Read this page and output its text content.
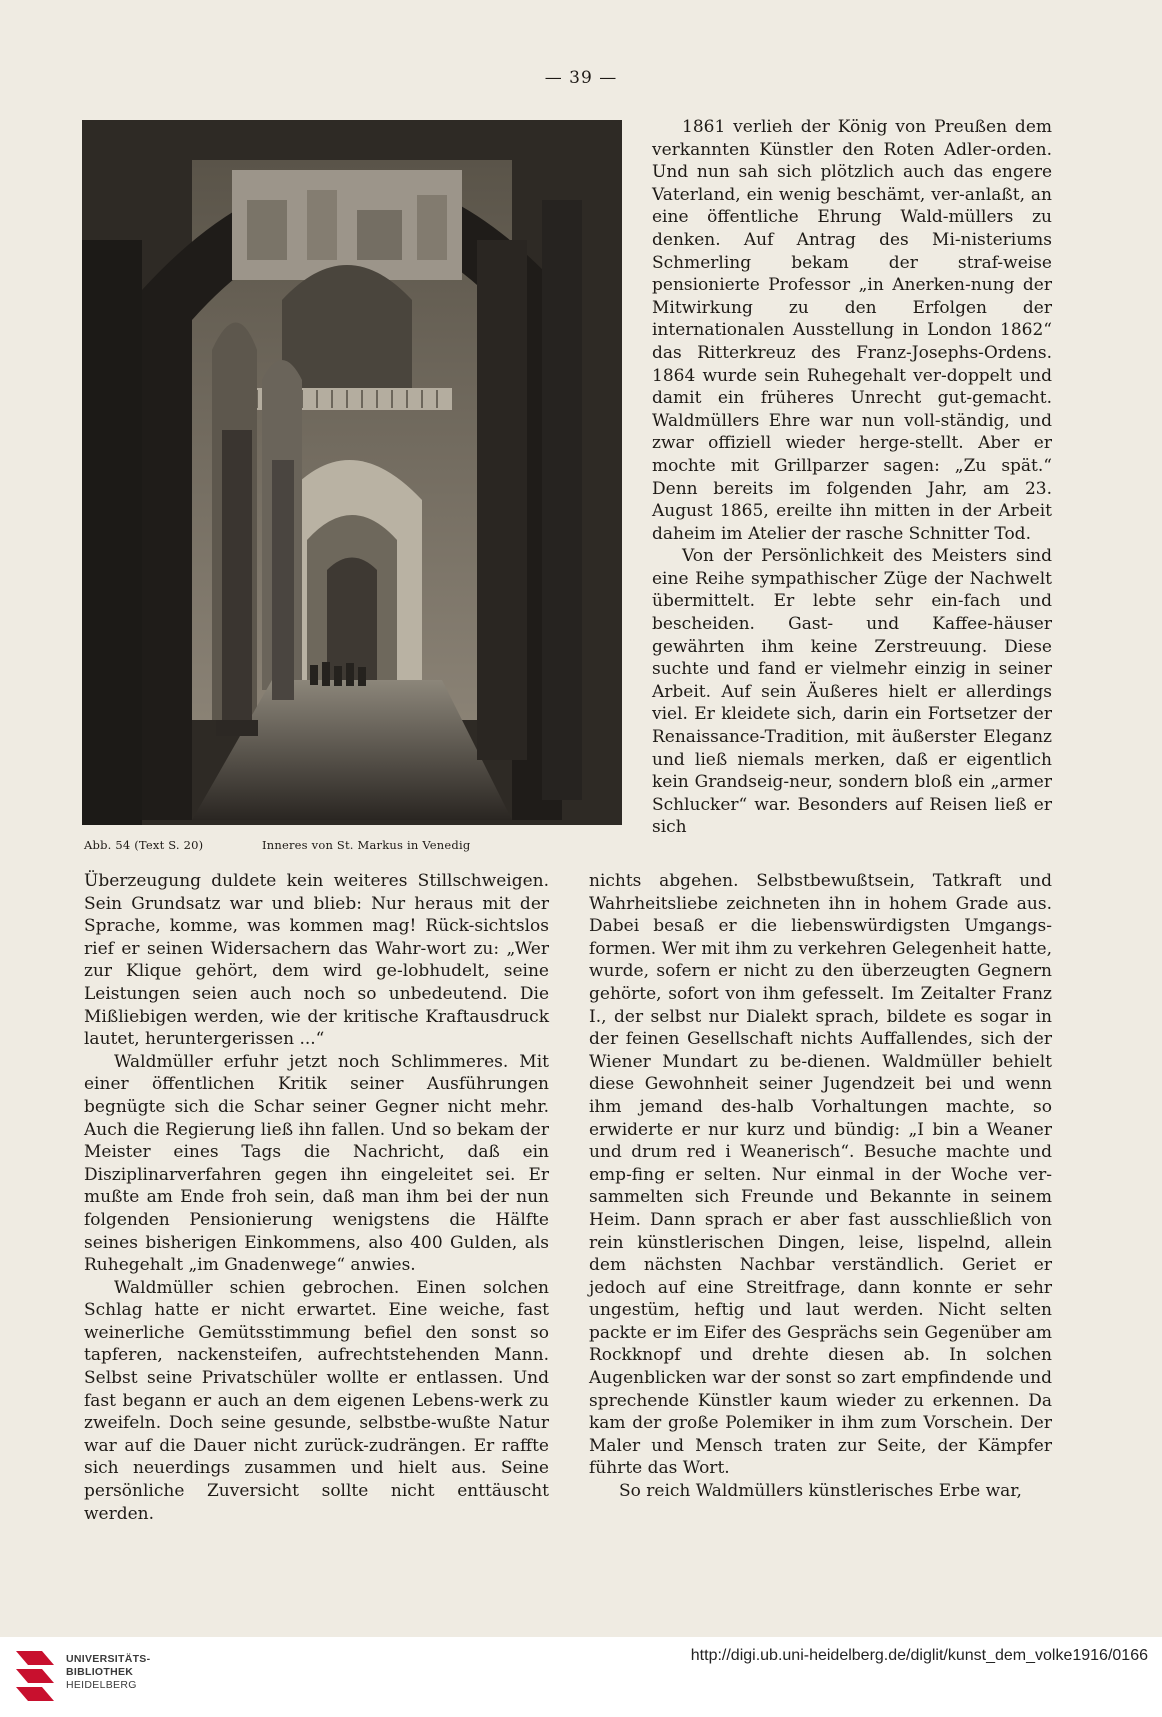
— 39 —
Abb. 54 (Text S. 20)	Inneres von St. Markus in Venedig

1861 verlieh der König von Preußen dem verkannten Künstler den Roten Adler-orden. Und nun sah sich plötzlich auch das engere Vaterland, ein wenig beschämt, ver-anlaßt, an eine öffentliche Ehrung Wald-müllers zu denken. Auf Antrag des Mi-nisteriums Schmerling bekam der straf-weise pensionierte Professor „in Anerken-nung der Mitwirkung zu den Erfolgen der internationalen Ausstellung in London 1862“ das Ritterkreuz des Franz-Josephs-Ordens. 1864 wurde sein Ruhegehalt ver-doppelt und damit ein früheres Unrecht gut-gemacht. Waldmüllers Ehre war nun voll-ständig, und zwar offiziell wieder herge-stellt. Aber er mochte mit Grillparzer sagen: „Zu spät.“ Denn bereits im folgenden Jahr, am 23. August 1865, ereilte ihn mitten in der Arbeit daheim im Atelier der rasche Schnitter Tod.

Von der Persönlichkeit des Meisters sind eine Reihe sympathischer Züge der Nachwelt übermittelt. Er lebte sehr ein-fach und bescheiden. Gast- und Kaffee-häuser gewährten ihm keine Zerstreuung. Diese suchte und fand er vielmehr einzig in seiner Arbeit. Auf sein Äußeres hielt er allerdings viel. Er kleidete sich, darin ein Fortsetzer der Renaissance-Tradition, mit äußerster Eleganz und ließ niemals merken, daß er eigentlich kein Grandseig-neur, sondern bloß ein „armer Schlucker“ war. Besonders auf Reisen ließ er sich

Überzeugung duldete kein weiteres Stillschweigen. Sein Grundsatz war und blieb: Nur heraus mit der Sprache, komme, was kommen mag! Rück-sichtslos rief er seinen Widersachern das Wahr-wort zu: „Wer zur Klique gehört, dem wird ge-lobhudelt, seine Leistungen seien auch noch so unbedeutend. Die Mißliebigen werden, wie der kritische Kraftausdruck lautet, heruntergerissen ...“

Waldmüller erfuhr jetzt noch Schlimmeres. Mit einer öffentlichen Kritik seiner Ausführungen begnügte sich die Schar seiner Gegner nicht mehr. Auch die Regierung ließ ihn fallen. Und so bekam der Meister eines Tags die Nachricht, daß ein Disziplinarverfahren gegen ihn eingeleitet sei. Er mußte am Ende froh sein, daß man ihm bei der nun folgenden Pensionierung wenigstens die Hälfte seines bisherigen Einkommens, also 400 Gulden, als Ruhegehalt „im Gnadenwege“ anwies.

Waldmüller schien gebrochen. Einen solchen Schlag hatte er nicht erwartet. Eine weiche, fast weinerliche Gemütsstimmung befiel den sonst so tapferen, nackensteifen, aufrechtstehenden Mann. Selbst seine Privatschüler wollte er entlassen. Und fast begann er auch an dem eigenen Lebens-werk zu zweifeln. Doch seine gesunde, selbstbe-wußte Natur war auf die Dauer nicht zurück-zudrängen. Er raffte sich neuerdings zusammen und hielt aus. Seine persönliche Zuversicht sollte nicht enttäuscht werden.

nichts abgehen. Selbstbewußtsein, Tatkraft und Wahrheitsliebe zeichneten ihn in hohem Grade aus. Dabei besaß er die liebenswürdigsten Umgangs-formen. Wer mit ihm zu verkehren Gelegenheit hatte, wurde, sofern er nicht zu den überzeugten Gegnern gehörte, sofort von ihm gefesselt. Im Zeitalter Franz I., der selbst nur Dialekt sprach, bildete es sogar in der feinen Gesellschaft nichts Auffallendes, sich der Wiener Mundart zu be-dienen. Waldmüller behielt diese Gewohnheit seiner Jugendzeit bei und wenn ihm jemand des-halb Vorhaltungen machte, so erwiderte er nur kurz und bündig: „I bin a Weaner und drum red i Weanerisch“. Besuche machte und emp-fing er selten. Nur einmal in der Woche ver-sammelten sich Freunde und Bekannte in seinem Heim. Dann sprach er aber fast ausschließlich von rein künstlerischen Dingen, leise, lispelnd, allein dem nächsten Nachbar verständlich. Geriet er jedoch auf eine Streitfrage, dann konnte er sehr ungestüm, heftig und laut werden. Nicht selten packte er im Eifer des Gesprächs sein Gegenüber am Rockknopf und drehte diesen ab. In solchen Augenblicken war der sonst so zart empfindende und sprechende Künstler kaum wieder zu erkennen. Da kam der große Polemiker in ihm zum Vorschein. Der Maler und Mensch traten zur Seite, der Kämpfer führte das Wort.

So reich Waldmüllers künstlerisches Erbe war,

UNIVERSITÄTS-
BIBLIOTHEK
HEIDELBERG
http://digi.ub.uni-heidelberg.de/diglit/kunst_dem_volke1916/0166
